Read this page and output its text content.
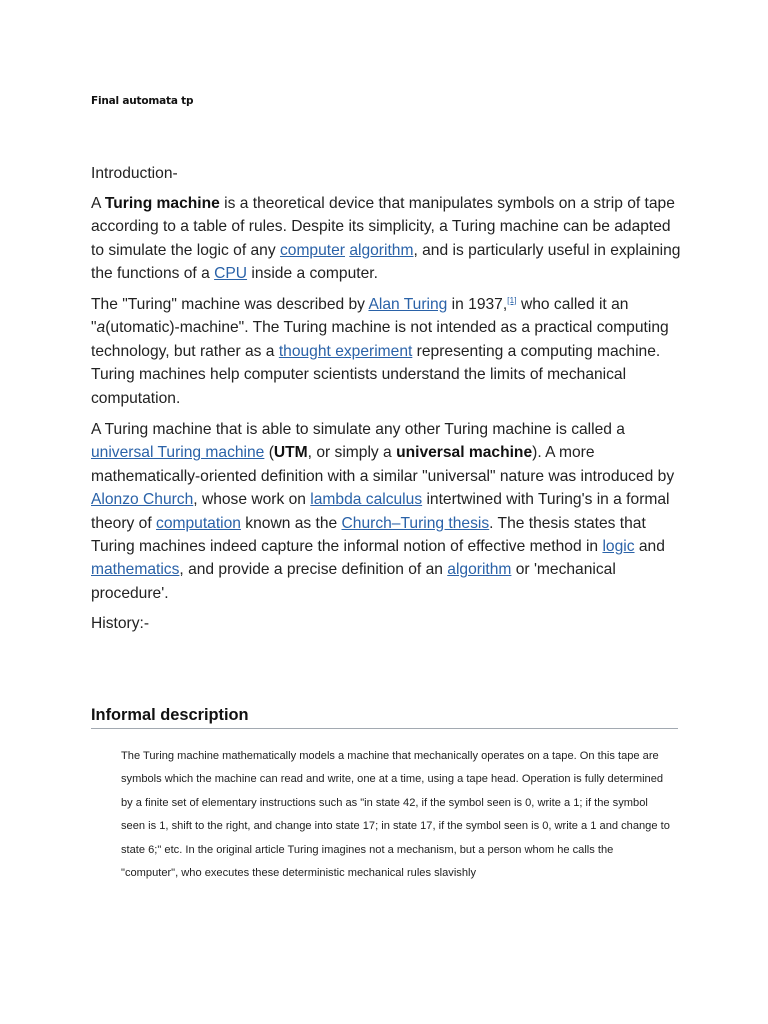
Final automata tp
Introduction-

A Turing machine is a theoretical device that manipulates symbols on a strip of tape according to a table of rules. Despite its simplicity, a Turing machine can be adapted to simulate the logic of any computer algorithm, and is particularly useful in explaining the functions of a CPU inside a computer.

The "Turing" machine was described by Alan Turing in 1937,[1] who called it an "a(utomatic)-machine". The Turing machine is not intended as a practical computing technology, but rather as a thought experiment representing a computing machine. Turing machines help computer scientists understand the limits of mechanical computation.

A Turing machine that is able to simulate any other Turing machine is called a universal Turing machine (UTM, or simply a universal machine). A more mathematically-oriented definition with a similar "universal" nature was introduced by Alonzo Church, whose work on lambda calculus intertwined with Turing's in a formal theory of computation known as the Church–Turing thesis. The thesis states that Turing machines indeed capture the informal notion of effective method in logic and mathematics, and provide a precise definition of an algorithm or 'mechanical procedure'.

History:-
Informal description

The Turing machine mathematically models a machine that mechanically operates on a tape. On this tape are symbols which the machine can read and write, one at a time, using a tape head. Operation is fully determined by a finite set of elementary instructions such as "in state 42, if the symbol seen is 0, write a 1; if the symbol seen is 1, shift to the right, and change into state 17; in state 17, if the symbol seen is 0, write a 1 and change to state 6;" etc. In the original article Turing imagines not a mechanism, but a person whom he calls the "computer", who executes these deterministic mechanical rules slavishly
